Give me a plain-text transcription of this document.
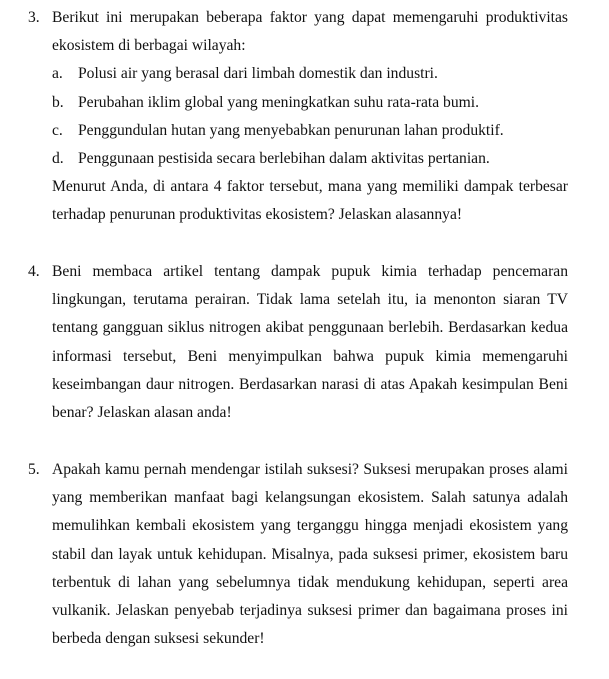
3. Berikut ini merupakan beberapa faktor yang dapat memengaruhi produktivitas ekosistem di berbagai wilayah:
a. Polusi air yang berasal dari limbah domestik dan industri.
b. Perubahan iklim global yang meningkatkan suhu rata-rata bumi.
c. Penggundulan hutan yang menyebabkan penurunan lahan produktif.
d. Penggunaan pestisida secara berlebihan dalam aktivitas pertanian.
Menurut Anda, di antara 4 faktor tersebut, mana yang memiliki dampak terbesar terhadap penurunan produktivitas ekosistem? Jelaskan alasannya!
4. Beni membaca artikel tentang dampak pupuk kimia terhadap pencemaran lingkungan, terutama perairan. Tidak lama setelah itu, ia menonton siaran TV tentang gangguan siklus nitrogen akibat penggunaan berlebih. Berdasarkan kedua informasi tersebut, Beni menyimpulkan bahwa pupuk kimia memengaruhi keseimbangan daur nitrogen. Berdasarkan narasi di atas Apakah kesimpulan Beni benar? Jelaskan alasan anda!
5. Apakah kamu pernah mendengar istilah suksesi? Suksesi merupakan proses alami yang memberikan manfaat bagi kelangsungan ekosistem. Salah satunya adalah memulihkan kembali ekosistem yang terganggu hingga menjadi ekosistem yang stabil dan layak untuk kehidupan. Misalnya, pada suksesi primer, ekosistem baru terbentuk di lahan yang sebelumnya tidak mendukung kehidupan, seperti area vulkanik. Jelaskan penyebab terjadinya suksesi primer dan bagaimana proses ini berbeda dengan suksesi sekunder!
